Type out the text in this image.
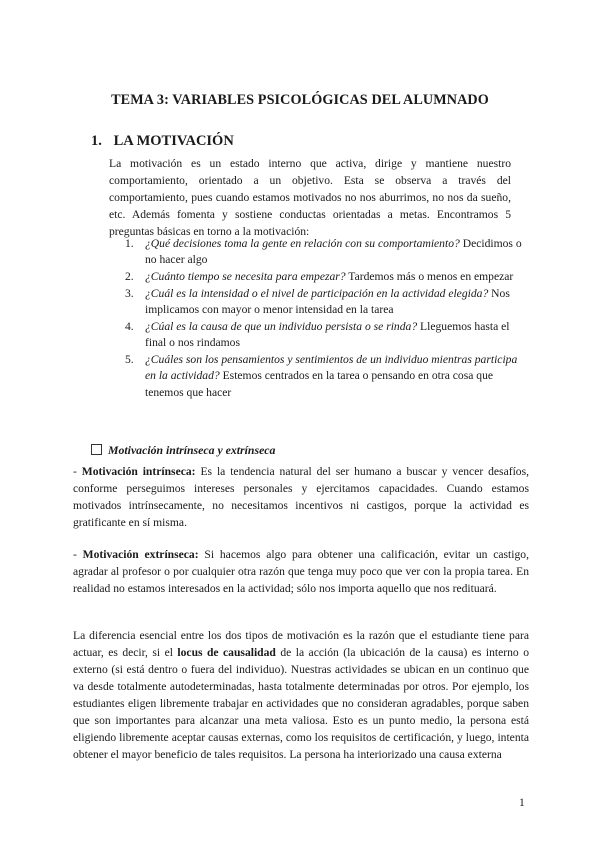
TEMA 3: VARIABLES PSICOLÓGICAS DEL ALUMNADO
1. LA MOTIVACIÓN
La motivación es un estado interno que activa, dirige y mantiene nuestro comportamiento, orientado a un objetivo. Esta se observa a través del comportamiento, pues cuando estamos motivados no nos aburrimos, no nos da sueño, etc. Además fomenta y sostiene conductas orientadas a metas. Encontramos 5 preguntas básicas en torno a la motivación:
1. ¿Qué decisiones toma la gente en relación con su comportamiento? Decidimos o no hacer algo
2. ¿Cuánto tiempo se necesita para empezar? Tardemos más o menos en empezar
3. ¿Cuál es la intensidad o el nivel de participación en la actividad elegida? Nos implicamos con mayor o menor intensidad en la tarea
4. ¿Cúal es la causa de que un individuo persista o se rinda? Lleguemos hasta el final o nos rindamos
5. ¿Cuáles son los pensamientos y sentimientos de un individuo mientras participa en la actividad? Estemos centrados en la tarea o pensando en otra cosa que tenemos que hacer
Motivación intrínseca y extrínseca
- Motivación intrínseca: Es la tendencia natural del ser humano a buscar y vencer desafíos, conforme perseguimos intereses personales y ejercitamos capacidades. Cuando estamos motivados intrínsecamente, no necesitamos incentivos ni castigos, porque la actividad es gratificante en sí misma.
- Motivación extrínseca: Si hacemos algo para obtener una calificación, evitar un castigo, agradar al profesor o por cualquier otra razón que tenga muy poco que ver con la propia tarea. En realidad no estamos interesados en la actividad; sólo nos importa aquello que nos redituará.
La diferencia esencial entre los dos tipos de motivación es la razón que el estudiante tiene para actuar, es decir, si el locus de causalidad de la acción (la ubicación de la causa) es interno o externo (si está dentro o fuera del individuo). Nuestras actividades se ubican en un continuo que va desde totalmente autodeterminadas, hasta totalmente determinadas por otros. Por ejemplo, los estudiantes eligen libremente trabajar en actividades que no consideran agradables, porque saben que son importantes para alcanzar una meta valiosa. Esto es un punto medio, la persona está eligiendo libremente aceptar causas externas, como los requisitos de certificación, y luego, intenta obtener el mayor beneficio de tales requisitos. La persona ha interiorizado una causa externa
1
